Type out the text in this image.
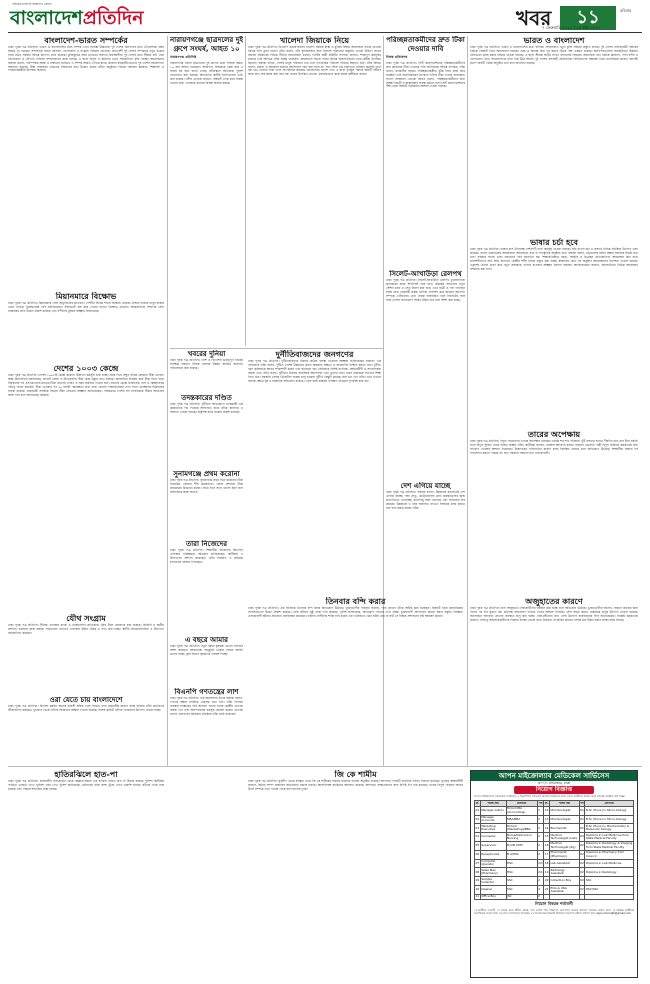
বাংলাদেশপ্রতিদিন
পাঠকের চাহিদাই আমাদের প্রেরণা
খবর	১১	রবিবার
৭ ফেব্রুয়ারি ২০২১ | ২৪ মাঘ ১৪২৭
বাংলাদেশ-ভারত সম্পর্কের
ঢাকা পূর্বক পত্র প্রতিদিন। ভারত ও বাংলাদেশের মধ্যে সম্পর্ক এখন সর্বোচ্চ উচ্চতায়। দুই দেশের জনগণের মধ্যে ঐতিহাসিক বন্ধন আরও দৃঢ় হয়েছে। সাম্প্রতিক সময়ে বাণিজ্য, যোগাযোগ ও সংস্কৃতি বিনিময় বেড়েছে। প্রতিবেশী দুই দেশের সম্পর্ককে নতুন মাত্রায় নিয়ে যেতে সরকার বিভিন্ন উদ্যোগ গ্রহণ করেছে। মুক্তিযুদ্ধের সময় ভারতের অবদান চিরস্মরণীয়। দুই দেশের মধ্যে সীমান্ত হাট, রেল যোগাযোগ ও নৌপথে বাণিজ্য সম্প্রসারণের কাজ চলছে। এ ছাড়া বিদ্যুৎ ও জ্বালানি খাতে সহযোগিতা বৃদ্ধি পাচ্ছে। আলোচনায় বক্তারা বলেন, পারস্পরিক আস্থা ও সম্মানের ভিত্তিতে এ সম্পর্ক আরও এগিয়ে যাবে। করোনা মহামারীর মধ্যেও দুই দেশের সহযোগিতা অব্যাহত রয়েছে। টিকা সরবরাহে ভারতের সহায়তার কথা উল্লেখ করেন তাঁরা। অনুষ্ঠানে বিভিন্ন পর্যায়ের কর্মকর্তা, শিক্ষাবিদ ও গণমাধ্যমকর্মীরা উপস্থিত ছিলেন।
মিয়ানমারে বিক্ষোভ
ঢাকা পূর্বক পত্র প্রতিদিন। মিয়ানমারে সেনা অভ্যুত্থানের প্রতিবাদে দেশটির বিভিন্ন শহরে বিক্ষোভ হয়েছে। হাজার হাজার মানুষ রাস্তায় নেমে গণতন্ত্র পুনরুদ্ধারের দাবি জানিয়েছেন। ইন্টারনেট বন্ধ করে দেওয়া হলেও বিক্ষোভ থামেনি। আন্তর্জাতিক সম্প্রদায় সেনা সরকারের প্রতি উদ্বেগ প্রকাশ করেছে এবং বন্দীদের মুক্তির আহ্বান জানিয়েছে।
দেশের ১০০৩ কেন্দ্রে
ঢাকা পূর্বক পত্র প্রতিদিন। দেশের ১০০৩টি কেন্দ্রে করোনা টিকাদান কর্মসূচি শুরু হচ্ছে। প্রথম দিনে সম্মুখ সারির যোদ্ধারা টিকা নেবেন। স্বাস্থ্য অধিদফতর জানিয়েছে, প্রতিটি জেলা ও উপজেলায় টিকা কেন্দ্র প্রস্তুত রাখা হয়েছে। অনলাইনে নিবন্ধন করে টিকা নিতে হবে। নিবন্ধনের পর এসএমএসের মাধ্যমে টিকা গ্রহণের তারিখ ও সময় জানিয়ে দেওয়া হবে। প্রত্যেক কেন্দ্রে চিকিৎসক, নার্স ও স্বেচ্ছাসেবক দায়িত্ব পালন করবেন। টিকা নেওয়ার পর ৩০ মিনিট পর্যবেক্ষণে রাখা হবে। কোনো পার্শ্বপ্রতিক্রিয়া দেখা দিলে তাৎক্ষণিক চিকিৎসার ব্যবস্থা রয়েছে। প্রধানমন্ত্রী সবাইকে নির্ভয়ে টিকা নেওয়ার আহ্বান জানিয়েছেন। পর্যায়ক্রমে দেশের সব নাগরিককে টিকার আওতায় আনা হবে বলে জানিয়েছে সরকার।
যৌথ সংগ্রাম
ঢাকা পূর্বক পত্র প্রতিদিন। সীমান্ত এলাকায় মাদক ও চোরাচালান প্রতিরোধে যৌথ টহল জোরদার করা হয়েছে। বিজিবি ও স্থানীয় প্রশাসন একসঙ্গে কাজ করছে। সচেতনতা বাড়াতে এলাকায় উঠান বৈঠক ও সভা করা হচ্ছে। স্থানীয় জনপ্রতিনিধিরা এ উদ্যোগে সহযোগিতা করছেন।
ওরা যেতে চায় বাংলাদেশে
ঢাকা পূর্বক পত্র প্রতিদিন। বিদেশে কর্মরত অনেক প্রবাসী শ্রমিক দেশে ফিরতে চান। মহামারীর কারণে কাজ হারিয়ে তাঁরা মানবেতর জীবনযাপন করছেন। দূতাবাস থেকে তাঁদের সহায়তার আশ্বাস দেওয়া হয়েছে। বিশেষ ফ্লাইটে তাঁদের ফেরানোর উদ্যোগ নেওয়া হচ্ছে।
হাতিরঝিলে হাত-পা
ঢাকা পূর্বক পত্র প্রতিদিন। রাজধানীর হাতিরঝিল থেকে অজ্ঞাতপরিচয় এক ব্যক্তির খণ্ডিত হাত-পা উদ্ধার করেছে পুলিশ। স্থানীয়রা পানিতে ভাসতে দেখে পুলিশে খবর দেন। পুলিশ জানিয়েছে, মরদেহের বাকি অংশ খুঁজে পেতে তল্লাশি চলছে। ঘটনার তদন্ত শুরু হয়েছে এবং পরিচয় শনাক্তের চেষ্টা চলছে।
নারায়ণগঞ্জে ছাত্রদলের দুই গ্রুপে সংঘর্ষ, আহত ১০
নারায়ণগঞ্জ প্রতিনিধি
নারায়ণগঞ্জ জেলা ছাত্রদলের দুই গ্রুপের মধ্যে সংঘর্ষে অন্তত ১০ জন আহত হয়েছেন। আধিপত্য বিস্তারকে কেন্দ্র করে এ সংঘর্ষ হয় বলে জানা গেছে। ঘটনাস্থলে অতিরিক্ত পুলিশ মোতায়েন করা হয়েছে। আহতদের স্থানীয় হাসপাতালে ভর্তি করা হয়েছে। দলীয় নেতারা জানান, বিষয়টি তদন্ত করে ব্যবস্থা নেওয়া হবে। এলাকায় থমথমে অবস্থা বিরাজ করছে।
খবরের দুনিয়া
ঢাকা পূর্বক পত্র প্রতিদিন। দেশে ও বিদেশের গুরুত্বপূর্ণ খবরের সংক্ষিপ্ত বিবরণ। বিভিন্ন জেলায় উন্নয়ন কাজের অগ্রগতি পর্যালোচনা করা হয়েছে।
তদন্তকারের দণ্ডিত
ঢাকা পূর্বক পত্র প্রতিদিন। দুর্নীতির অভিযোগে তদন্তকারী এক কর্মকর্তাকে দণ্ড দিয়েছে আদালত। রায়ে তাঁকে কারাদণ্ড ও অর্থদণ্ড দেওয়া হয়েছে। রাষ্ট্রপক্ষ রায়ে সন্তোষ প্রকাশ করেছে।
সুনামগঞ্জে প্রথম করোনা
ঢাকা পূর্বক পত্র প্রতিদিন। সুনামগঞ্জে প্রথম দিনে করোনার টিকা নিয়েছেন জেলার শীর্ষ কর্মকর্তারা। জেলা প্রশাসক টিকা কার্যক্রমের উদ্বোধন করেন। প্রথম দিনে সাড়া ভালো ছিল বলে জানিয়েছে স্বাস্থ্য বিভাগ।
তারা নিজেদের
ঢাকা পূর্বক পত্র প্রতিদিন। শিক্ষার্থীরা নিজেদের উদ্যোগে এলাকায় পরিচ্ছন্নতা অভিযান চালিয়েছেন। স্থানীয়রা এ উদ্যোগের প্রশংসা করেছেন। তাঁরা নিয়মিত এ কার্যক্রম চালানোর ঘোষণা দিয়েছেন।
এ বছরে আমার
ঢাকা পূর্বক পত্র প্রতিদিন। নতুন বছরে কৃষকরা ভালো ফলনের আশা করছেন। আবহাওয়া অনুকূলে থাকায় বোরো আবাদ ভালো হচ্ছে। কৃষি বিভাগ কৃষকদের পরামর্শ দিচ্ছে।
বিএনপি গণতন্ত্রের লাশ
ঢাকা পূর্বক পত্র প্রতিদিন। এক আলোচনা সভায় বক্তারা বলেন, গণতন্ত্র রক্ষায় সবাইকে ঐক্যবদ্ধ হতে হবে। তাঁরা নির্বাচন ব্যবস্থার সংস্কারের দাবি জানান। সভায় দলের কেন্দ্রীয় নেতারা বক্তব্য দেন এবং আন্দোলনের কর্মসূচি ঘোষণা করেন। নেতারা বলেন, জনগণের অধিকার প্রতিষ্ঠায় তাঁরা মাঠে থাকবেন।
খালেদা জিয়াকে নিয়ে
ঢাকা পূর্বক পত্র প্রতিদিন। বিএনপি চেয়ারপারসন খালেদা জিয়ার স্বাস্থ্য ও মুক্তির বিষয়ে আলোচনা সভায় নেতারা বিভিন্ন দাবি তুলে ধরেন। তাঁরা বলেন, তাঁর সুচিকিৎসার জন্য বিদেশে পাঠানোর অনুমতি দেওয়া উচিত। সভায় বক্তারা সরকারের বিভিন্ন নীতির সমালোচনা করেন। দলটির স্থায়ী কমিটির সদস্যরা জানান, শান্তিপূর্ণ কর্মসূচির মাধ্যমে দাবি আদায়ে তাঁরা সচেষ্ট থাকবেন। আলোচনা সভায় দলের বিভিন্ন অঙ্গসংগঠনের নেতা-কর্মীরা উপস্থিত ছিলেন। বক্তারা বলেন, দেশের মানুষ পরিবর্তন চায় এবং গণতান্ত্রিক পরিবেশ ফিরিয়ে আনতে হবে। তাঁরা আরও বলেন, মামলা ও হয়রানির মাধ্যমে আন্দোলন দমন করা যাবে না। সভা শেষে এক বিবৃতিতে ভবিষ্যৎ কর্মসূচি তুলে ধরা হয়। নেতারা সারা দেশে সাংগঠনিক কার্যক্রম জোরদারের নির্দেশ দেন। এ ছাড়া তৃণমূল পর্যায়ে কমিটি গঠনের কাজ দ্রুত শেষ করার কথা বলা হয়। সভায় উপস্থিত নেতারা ঐক্যবদ্ধভাবে কাজ করার অঙ্গীকার করেন।
দুর্নীতিবাজদের জনগণের
ঢাকা পূর্বক পত্র প্রতিদিন। দুর্নীতিবাজদের বিরুদ্ধে কঠোর ব্যবস্থা নেওয়ার আহ্বান জানিয়েছেন বক্তারা। এক সেমিনারে তাঁরা বলেন, দুর্নীতি দেশের উন্নয়নের প্রধান অন্তরায়। স্বচ্ছতা ও জবাবদিহি নিশ্চিত করতে হবে। দুর্নীতি দমন কমিশনকে আরও শক্তিশালী করার দাবি জানানো হয়। সেমিনারে বিশিষ্ট নাগরিক, আইনজীবী ও সাংবাদিকরা বক্তব্য দেন। তাঁরা বলেন, দুর্নীতির বিরুদ্ধে সামাজিক আন্দোলন গড়ে তুলতে হবে। তরুণ প্রজন্মকে সততার শিক্ষা দিতে হবে। সরকারি সেবায় ডিজিটাল ব্যবস্থা চালু হওয়ায় দুর্নীতি কিছুটা কমেছে বলে মত দেন তাঁরা। তবে এখনো অনেক ক্ষেত্রে ঘুষ ও হয়রানির অভিযোগ রয়েছে। এসব বন্ধে কার্যকর পদক্ষেপ নেওয়ার সুপারিশ করা হয়।
তিনবার বন্দি করার
ঢাকা পূর্বক পত্র প্রতিদিন। এক ব্যক্তিকে তিনবার বন্দি করার অভিযোগ উঠেছে। ভুক্তভোগীর পরিবার জানায়, বিনা কারণে তাঁকে আটক করা হয়েছিল। বিষয়টি নিয়ে মানবাধিকার সংগঠনগুলো উদ্বেগ প্রকাশ করেছে। তারা ঘটনার সুষ্ঠু তদন্ত দাবি করেছে। পুলিশ জানিয়েছে, অভিযোগ খতিয়ে দেখা হচ্ছে। ভুক্তভোগী আদালতে মামলা করার প্রস্তুতি নিচ্ছেন। এলাকাবাসী ঘটনার প্রতিবাদে মানববন্ধন করেছেন। বক্তারা দোষীদের শাস্তি দাবি করেন এবং ভবিষ্যতে এমন ঘটনা যেন না ঘটে সে বিষয়ে প্রশাসনের দৃষ্টি আকর্ষণ করেন।
জি কে শামীম
ঢাকা পূর্বক পত্র প্রতিদিন। যুবলীগ থেকে বহিষ্কৃত নেতা জি কে শামীমের বিরুদ্ধে মামলার শুনানি অনুষ্ঠিত হয়েছে। আদালত পরবর্তী শুনানির তারিখ নির্ধারণ করেছে। দুদকের আইনজীবী জানান, অবৈধ সম্পদ অর্জনের অভিযোগে মামলা চলছে। আসামিপক্ষ জামিনের আবেদন করেছে। আদালত সাক্ষ্যগ্রহণের জন্য নির্দিষ্ট দিন ধার্য করেছে। তদন্তে বিপুল পরিমাণ অর্থের উৎস সম্পর্কে তথ্য পাওয়া গেছে বলে জানায় দুদক।
পরিচ্ছন্নতাকর্মীদের দ্রুত টিকা দেওয়ার দাবি
নিজস্ব প্রতিবেদক
ঢাকা পূর্বক পত্র প্রতিদিন। সিটি করপোরেশনের পরিচ্ছন্নতাকর্মীদের দ্রুত করোনার টিকা দেওয়ার দাবি জানিয়েছে বিভিন্ন সংগঠন। তাঁরা বলেন, মহামারীর সময়ও পরিচ্ছন্নতাকর্মীরা ঝুঁকি নিয়ে কাজ করে যাচ্ছেন। তাই অগ্রাধিকারের ভিত্তিতে তাঁদের টিকা দেওয়া প্রয়োজন। সংবাদ সম্মেলনে নেতারা আরও বলেন, পরিচ্ছন্নতাকর্মীদের জন্য সুরক্ষা সামগ্রী ও স্বাস্থ্যবিমার ব্যবস্থা করতে হবে। সিটি করপোরেশনের পক্ষ থেকে বিষয়টি বিবেচনার আশ্বাস দেওয়া হয়েছে।
সিলেট-আখাউড়া রেলপথ
ঢাকা পূর্বক পত্র প্রতিদিন। সিলেট-আখাউড়া রেলপথ ডুয়েলগেজে রূপান্তরের কাজ শিগগিরই শুরু হবে। প্রকল্পের আওতায় নতুন স্টেশন ভবন ও সেতু নির্মাণ করা হবে। এতে যাত্রী ও পণ্য পরিবহন সহজ হবে। রেলমন্ত্রী প্রকল্প এলাকা পরিদর্শন করে কাজের অগ্রগতি সম্পর্কে খোঁজখবর নেন। প্রকল্প বাস্তবায়িত হলে সিলেটের সঙ্গে সারা দেশের যোগাযোগ আরও উন্নত হবে বলে আশা করা হচ্ছে।
দেশ এগিয়ে যাচ্ছে
ঢাকা পূর্বক পত্র প্রতিদিন। বক্তারা বলেন, উন্নয়নের মহাসড়কে দেশ এগিয়ে যাচ্ছে। পদ্মা সেতু, মেট্রোরেলসহ মেগা প্রকল্পগুলোর কাজ দ্রুতগতিতে এগোচ্ছে। মাথাপিছু আয় বেড়েছে এবং দারিদ্র্যের হার কমেছে। উন্নয়নের এ ধারা অব্যাহত রাখতে সবাইকে কাজ করতে হবে বলে মন্তব্য করেন তাঁরা।
ভারত ও বাংলাদেশ
ঢাকা পূর্বক পত্র প্রতিদিন। ভারত ও বাংলাদেশের মধ্যে বাণিজ্য সম্প্রসারণে নতুন চুক্তি সইয়ের প্রস্তুতি চলছে। দুই দেশের বাণিজ্যমন্ত্রী পর্যায়ের বৈঠকে বিষয়টি নিয়ে আলোচনা হয়েছে। শুল্ক ও অশুল্ক বাধা দূর করতে উভয় পক্ষ একমত হয়েছে। স্থলবন্দরগুলোর অবকাঠামো উন্নয়নে যৌথভাবে কাজ করার সিদ্ধান্ত নেওয়া হয়েছে। এ ছাড়া সীমান্ত হাটের সংখ্যা বাড়ানোর বিষয়েও আলোচনা হয়। বৈঠকে জ্বালানি, পানি বণ্টন ও যোগাযোগ খাতে সহযোগিতার নানা দিক উঠে আসে। দুই দেশের ব্যবসায়ী প্রতিনিধিরা বিনিয়োগের সম্ভাবনা নিয়ে মতবিনিময় করেন। আগামী মাসে পরবর্তী বৈঠক অনুষ্ঠিত হবে বলে জানানো হয়েছে।
ভাষার চর্চা হবে
ঢাকা পূর্বক পত্র প্রতিদিন। ভাষার মাস উপলক্ষে দেশব্যাপী নানা কর্মসূচি নেওয়া হয়েছে। শুদ্ধ বাংলা চর্চা ও প্রসারে বিভিন্ন প্রতিষ্ঠান উদ্যোগ গ্রহণ করেছে। বাংলা একাডেমির আয়োজনে আলোচনা সভা ও সাংস্কৃতিক অনুষ্ঠান হবে। বক্তারা বলেন, মাতৃভাষার মর্যাদা রক্ষায় সবাইকে সচেষ্ট হতে হবে। সর্বস্তরে বাংলা ভাষা প্রচলনের দাবি জানানো হয়। শিক্ষাপ্রতিষ্ঠানে রচনা, আবৃত্তি ও চিত্রাঙ্কন প্রতিযোগিতা আয়োজন করা হবে। ভাষাশহীদদের প্রতি শ্রদ্ধা জানাতে কেন্দ্রীয় শহীদ মিনার প্রস্তুত করা হচ্ছে। স্বাস্থ্যবিধি মেনে সব অনুষ্ঠান আয়োজনের নির্দেশনা দেওয়া হয়েছে। একুশের চেতনা ধারণ করে নতুন প্রজন্মকে এগিয়ে যাওয়ার আহ্বান জানান বক্তারা। আয়োজকেরা জানান, অনলাইনেও বিভিন্ন আয়োজন সম্প্রচার করা হবে।
তারের অপেক্ষায়
ঢাকা পূর্বক পত্র প্রতিদিন। বিদ্যুৎ সংযোগের তারের অপেক্ষায় রয়েছেন গ্রামের শত শত পরিবার। খুঁটি বসানো হলেও দীর্ঘদিন ধরে তার টানা হয়নি। ফলে বিদ্যুৎ সুবিধা থেকে বঞ্চিত হচ্ছেন তাঁরা। স্থানীয়রা জানান, বারবার আবেদন করেও সমাধান মেলেনি। পল্লী বিদ্যুৎ সমিতির কর্মকর্তারা দ্রুত সংযোগ দেওয়ার আশ্বাস দিয়েছেন। ঠিকাদারের গাফিলতির কারণে কাজ বিলম্বিত হয়েছে বলে অভিযোগ উঠেছে। শিক্ষার্থীরা সন্ধ্যার পর পড়াশোনা করতে পারছে না। দ্রুত সমস্যার সমাধান চান এলাকাবাসী।
অজুহাতের কারণে
ঢাকা পূর্বক পত্র প্রতিদিন। নানা অজুহাতে সেবাপ্রার্থীদের হয়রানি করা হচ্ছে বলে অভিযোগ উঠেছে। ভুক্তভোগীরা জানান, সামান্য কাজের জন্য দিনের পর দিন ঘুরতে হয়। কর্তৃপক্ষ অভিযোগ খতিয়ে দেখার আশ্বাস দিয়েছে। সেবা সহজ করতে হেল্পডেস্ক চালুর উদ্যোগ নেওয়া হয়েছে। অনলাইনে আবেদন গ্রহণের ব্যবস্থাও চালু করা হচ্ছে। সেবাগ্রহীতারা দ্রুত এসব উদ্যোগ বাস্তবায়নের দাবি জানিয়েছেন। সংশ্লিষ্ট কর্মকর্তারা জানান, দায়িত্বে অবহেলাকারীদের বিরুদ্ধে ব্যবস্থা নেওয়া হবে। নিয়মিত তদারকির মাধ্যমে সেবার মান উন্নত করার লক্ষ্যে কাজ চলছে।
আপন মাইক্রোল্যাব মেডিকেল সার্ভিসেস
৩০০/১ মগবাজার, ঢাকা
নিয়োগ বিজ্ঞপ্তি
আপন মাইক্রোল্যাব মেডিকেল সার্ভিসেস-এ নিম্নলিখিত পদসমূহে জনবল নিয়োগের জন্য যোগ্য প্রার্থীদের নিকট থেকে দরখাস্ত আহ্বান করা হচ্ছে।
ক্র.	পদের নাম	যোগ্যতা	পদ	ক্র.	পদের নাম	পদ	যোগ্যতা
01	Manager Admin	M.Com/BA (Accounting)	1	12	Microbiologist	01	B.Sc (Hons) in Micro-biology
02	Manager Accounts	MBA/BBA	2	13	Microbiologist	01	B.Sc (Hons) in Micro-biology
03	Marketing Executive	M.Com (Marketing)/BBA	2	14	Biochemist	01	B.Sc (Hons) in Biochemistry & Molecular biology
04	Counselor	Nurse/Diploma in Nursing	1	15	Medical Technologist (Lab)	04	Diploma in Lab Medicine from State Medical Faculty
05	Supervisor	B.A/B.COM	2	16	Medical Technologist (Rg)	02	Diploma in Radiology & Imaging from State Medical Faculty
06	Receptionist	B.A/HSC	2	17	Pharmacist (Pharmacy)	02	Diploma in Pharmacy from Council
07	Computer Operator	HSC	2/1	18	Lab Assistant	02	Diploma in Lab Medicine
08	Sales Man (Pharmacy)	HSC	2/1	19	Radiology Assistant	02	Diploma in Radiology
09	Sample Collector	SSC	2	20	Collection Boy	02	SSC
10	Cleaner	SSC	4	21	ECG & USG Assistant	02	HSC/SSC
11	Office Boy	JSC	2				
নিয়োগ বিষয়ক শর্তাবলী
১) প্রার্থীকে আগামী ১৫ দিনের মধ্যে জীবন বৃত্তান্ত, সদ্য তোলা ছবি, শিক্ষাগত যোগ্যতার সনদের কপিসহ আবেদন করতে হবে। ২) অভিজ্ঞ প্রার্থীদের অগ্রাধিকার দেওয়া হবে। ৩) বেতন আলোচনা সাপেক্ষে। ৪) আবেদনপত্র নিম্নোক্ত ঠিকানায় অথবা ই-মেইলে পাঠাতে হবে: apon.microlab@gmail.com
